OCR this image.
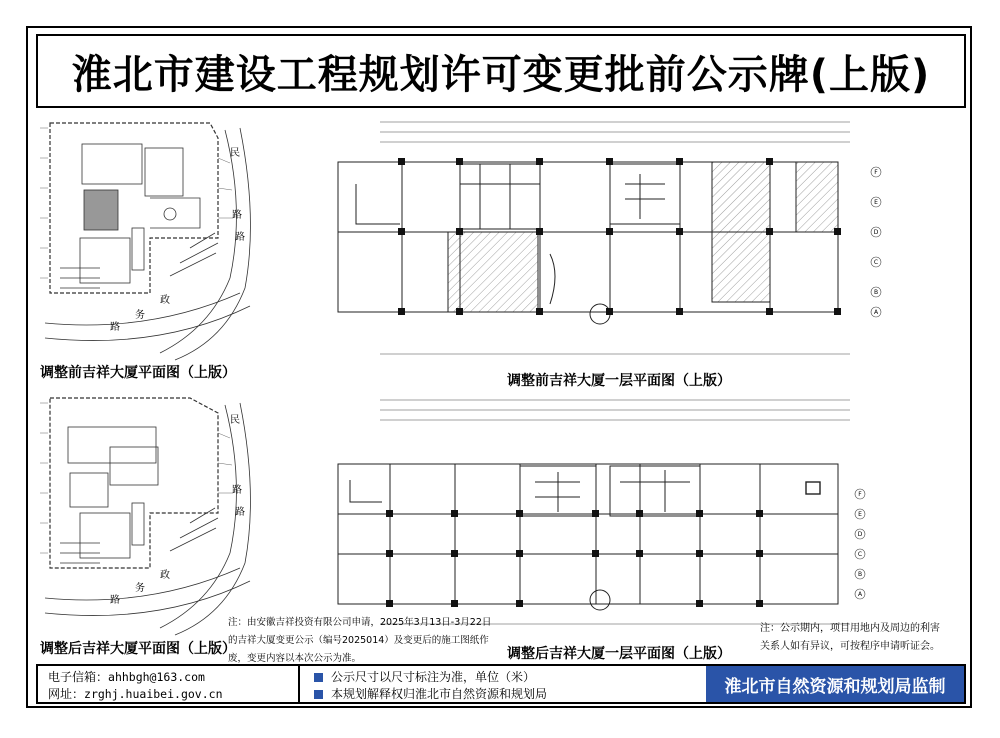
淮北市建设工程规划许可变更批前公示牌(上版)
民
路
路
政
务
路
调整前吉祥大厦平面图（上版）
民
路
路
政
务
路
调整后吉祥大厦平面图（上版）
F
E
D
C
B
A
调整前吉祥大厦一层平面图（上版）
F
E
D
C
B
A
调整后吉祥大厦一层平面图（上版）
注：由安徽吉祥投资有限公司申请，2025年3月13日-3月22日
的吉祥大厦变更公示（编号2025014）及变更后的施工图纸作
废，变更内容以本次公示为准。
注：公示期内，项目用地内及周边的利害
关系人如有异议，可按程序申请听证会。
电子信箱：ahhbgh@163.com
网址：zrghj.huaibei.gov.cn
公示尺寸以尺寸标注为准，单位（米）
本规划解释权归淮北市自然资源和规划局	淮北市自然资源和规划局监制
